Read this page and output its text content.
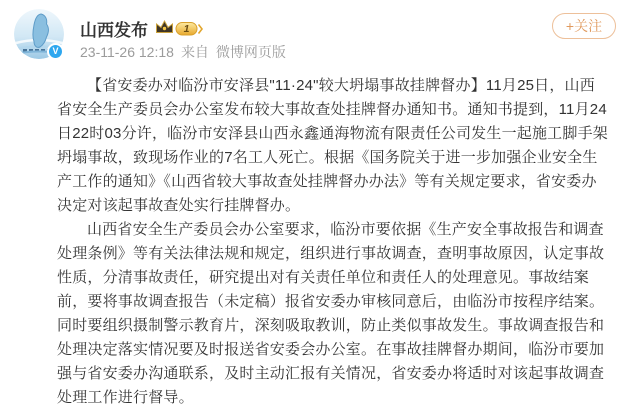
V
山西发布	1
23-11-26 12:18 来自 微博网页版
+关注

【省安委办对临汾市安泽县"11·24"较大坍塌事故挂牌督办】11月25日，山西省安全生产委员会办公室发布较大事故查处挂牌督办通知书。通知书提到，11月24日22时03分许，临汾市安泽县山西永鑫通海物流有限责任公司发生一起施工脚手架坍塌事故，致现场作业的7名工人死亡。根据《国务院关于进一步加强企业安全生产工作的通知》《山西省较大事故查处挂牌督办办法》等有关规定要求，省安委办决定对该起事故查处实行挂牌督办。

山西省安全生产委员会办公室要求，临汾市要依据《生产安全事故报告和调查处理条例》等有关法律法规和规定，组织进行事故调查，查明事故原因，认定事故性质，分清事故责任，研究提出对有关责任单位和责任人的处理意见。事故结案前，要将事故调查报告（未定稿）报省安委办审核同意后，由临汾市按程序结案。同时要组织摄制警示教育片，深刻吸取教训，防止类似事故发生。事故调查报告和处理决定落实情况要及时报送省安委会办公室。在事故挂牌督办期间，临汾市要加强与省安委办沟通联系，及时主动汇报有关情况，省安委办将适时对该起事故调查处理工作进行督导。
